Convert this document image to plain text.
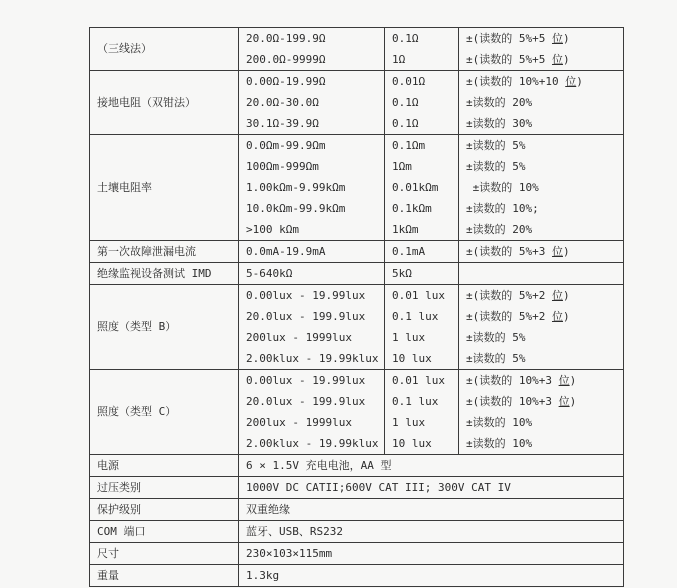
（三线法）	20.0Ω-199.9Ω	0.1Ω	±(读数的 5%+5 位)
	200.0Ω-9999Ω	1Ω	±(读数的 5%+5 位)
接地电阻（双钳法）	0.00Ω-19.99Ω	0.01Ω	±(读数的 10%+10 位)
	20.0Ω-30.0Ω	0.1Ω	±读数的 20%
	30.1Ω-39.9Ω	0.1Ω	±读数的 30%
土壤电阻率	0.0Ωm-99.9Ωm	0.1Ωm	±读数的 5%
	100Ωm-999Ωm	1Ωm	±读数的 5%
	1.00kΩm-9.99kΩm	0.01kΩm	±读数的 10%
	10.0kΩm-99.9kΩm	0.1kΩm	±读数的 10%;
	>100 kΩm	1kΩm	±读数的 20%
第一次故障泄漏电流	0.0mA-19.9mA	0.1mA	±(读数的 5%+3 位)
绝缘监视设备测试 IMD	5-640kΩ	5kΩ	
照度（类型 B）	0.00lux - 19.99lux	0.01 lux	±(读数的 5%+2 位)
	20.0lux - 199.9lux	0.1 lux	±(读数的 5%+2 位)
	200lux - 1999lux	1 lux	±读数的 5%
	2.00klux - 19.99klux	10 lux	±读数的 5%
照度（类型 C）	0.00lux - 19.99lux	0.01 lux	±(读数的 10%+3 位)
	20.0lux - 199.9lux	0.1 lux	±(读数的 10%+3 位)
	200lux - 1999lux	1 lux	±读数的 10%
	2.00klux - 19.99klux	10 lux	±读数的 10%
电源	6 × 1.5V 充电电池，AA 型		
过压类别	1000V DC CATII;600V CAT III; 300V CAT IV		
保护级别	双重绝缘		
COM 端口	蓝牙、USB、RS232		
尺寸	230×103×115mm		
重量	1.3kg		
